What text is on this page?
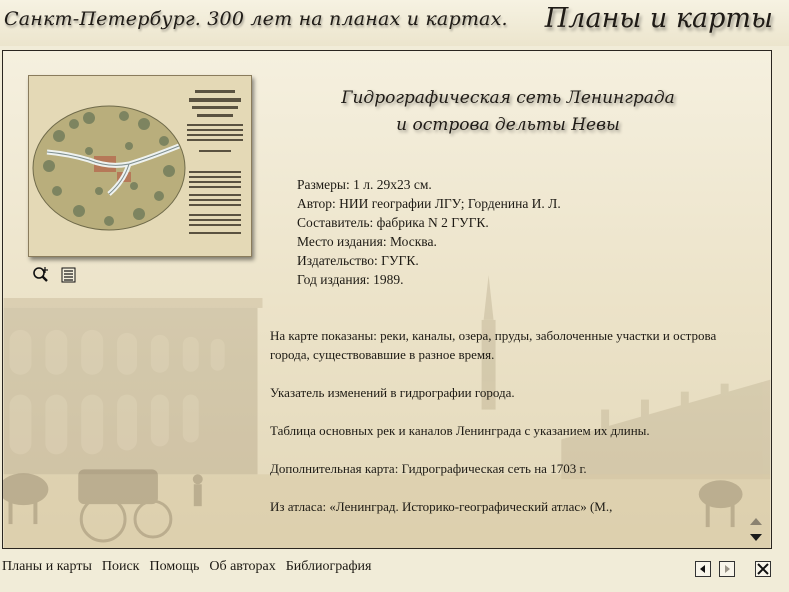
Санкт-Петербург. 300 лет на планах и картах. Планы и карты
Гидрографическая сеть Ленинграда
и острова дельты Невы
Размеры: 1 л. 29х23 см.
Автор: НИИ географии ЛГУ; Горденина И. Л.
Составитель: фабрика N 2 ГУГК.
Место издания: Москва.
Издательство: ГУГК.
Год издания: 1989.

На карте показаны: реки, каналы, озера, пруды, заболоченные участки и острова города, существовавшие в разное время.

Указатель изменений в гидрографии города.

Таблица основных рек и каналов Ленинграда с указанием их длины.

Дополнительная карта: Гидрографическая сеть на 1703 г.

Из атласа: «Ленинград. Историко-географический атлас» (М.,

Планы и карты Поиск Помощь Об авторах Библиография
